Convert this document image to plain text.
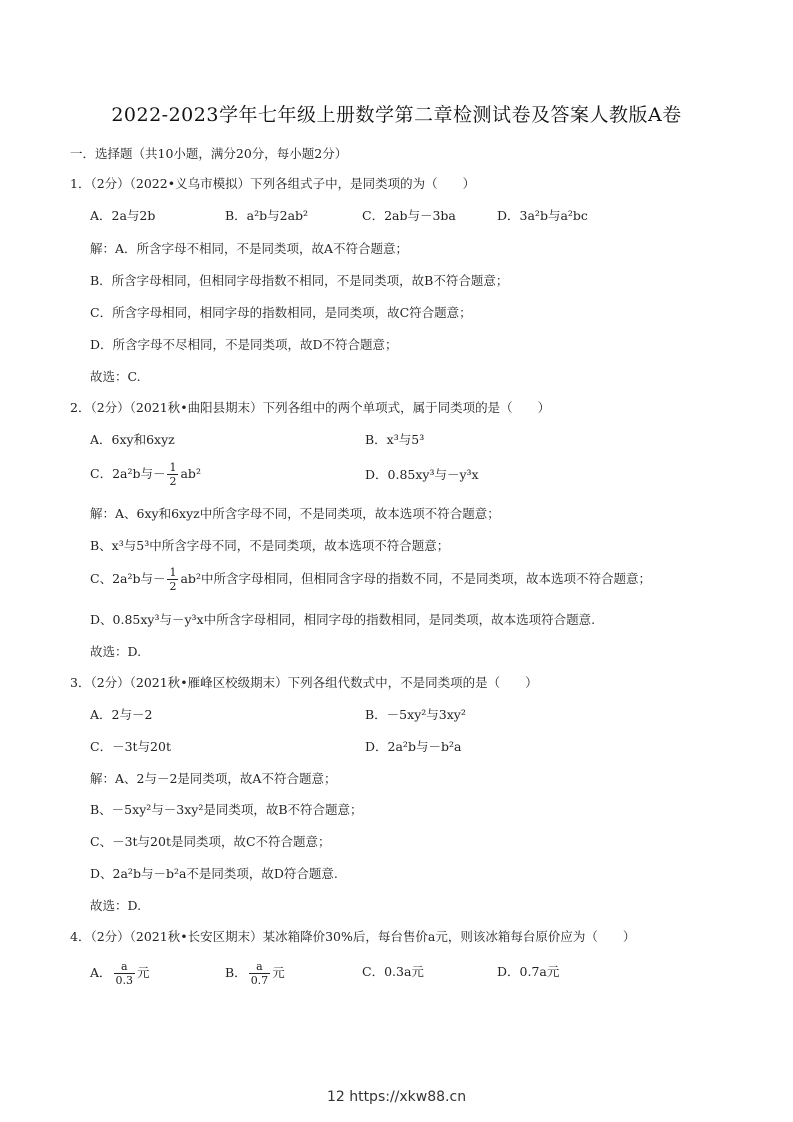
2022-2023学年七年级上册数学第二章检测试卷及答案人教版A卷
一．选择题（共10小题，满分20分，每小题2分）
1．（2分）（2022•义乌市模拟）下列各组式子中，是同类项的为（　　）
A．2a与2b	B．a²b与2ab²	C．2ab与－3ba	D．3a²b与a²bc
解：A．所含字母不相同，不是同类项，故A不符合题意；
B．所含字母相同，但相同字母指数不相同，不是同类项，故B不符合题意；
C．所含字母相同，相同字母的指数相同，是同类项，故C符合题意；
D．所含字母不尽相同，不是同类项，故D不符合题意；
故选：C.
2．（2分）（2021秋•曲阳县期末）下列各组中的两个单项式，属于同类项的是（　　）
A．6xy和6xyz	B．x³与5³
C．2a²b与－ $\frac{1}{2} ab^2$	D．0.85xy³与－y³x
解：A、6xy和6xyz中所含字母不同，不是同类项，故本选项不符合题意；
B、x³与5³中所含字母不同，不是同类项，故本选项不符合题意；
C、2a²b与－ $\frac{1}{2} ab^2$中所含字母相同，但相同含字母的指数不同，不是同类项，故本选项不符合题意；
D、0.85xy³与－y³x中所含字母相同，相同字母的指数相同，是同类项，故本选项符合题意.
故选：D.
3．（2分）（2021秋•雁峰区校级期末）下列各组代数式中，不是同类项的是（　　）
A．2与－2	B．－5xy²与3xy²
C．－3t与20t	D．2a²b与－b²a
解：A、2与－2是同类项，故A不符合题意；
B、－5xy²与－3xy²是同类项，故B不符合题意；
C、－3t与20t是同类项，故C不符合题意；
D、2a²b与－b²a不是同类项，故D符合题意.
故选：D.
4．（2分）（2021秋•长安区期末）某冰箱降价30%后，每台售价a元，则该冰箱每台原价应为（　　）
A． $\frac{a}{0.3}$ 元	B． $\frac{a}{0.7}$ 元	C．0.3a元	D．0.7a元
12 https://xkw88.cn
